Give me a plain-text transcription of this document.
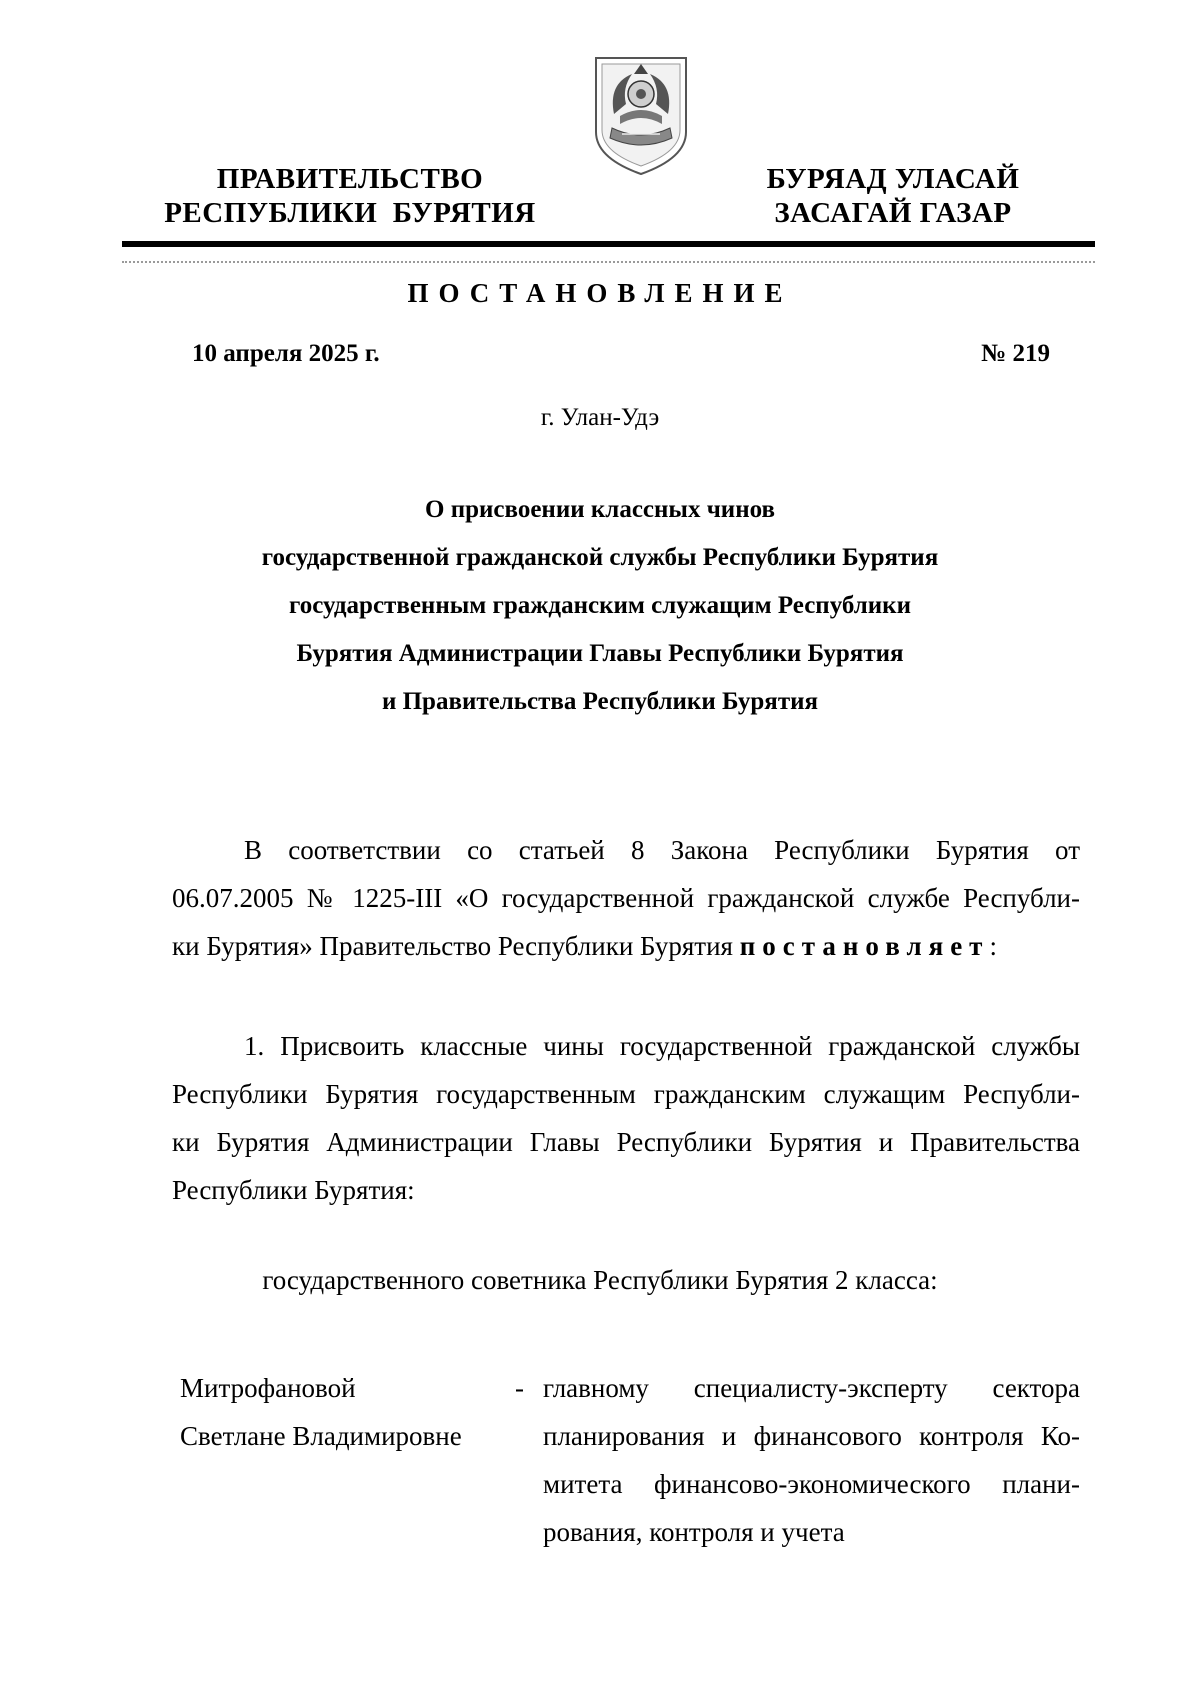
ПРАВИТЕЛЬСТВО
РЕСПУБЛИКИ  БУРЯТИЯ
БУРЯАД УЛАСАЙ
ЗАСАГАЙ ГАЗАР
ПОСТАНОВЛЕНИЕ
10 апреля 2025 г.	№ 219
г. Улан-Удэ
О присвоении классных чинов
государственной гражданской службы Республики Бурятия
государственным гражданским служащим Республики
Бурятия Администрации Главы Республики Бурятия
и Правительства Республики Бурятия
В соответствии со статьей 8 Закона Республики Бурятия от
06.07.2005 № 1225-III «О государственной гражданской службе Республи-
ки Бурятия» Правительство Республики Бурятия постановляет:
1. Присвоить классные чины государственной гражданской службы
Республики Бурятия государственным гражданским служащим Республи-
ки Бурятия Администрации Главы Республики Бурятия и Правительства
Республики Бурятия:
государственного советника Республики Бурятия 2 класса:
Митрофановой
Светлане Владимировне
- главному специалисту-эксперту сектора
планирования и финансового контроля Ко-
митета финансово-экономического плани-
рования, контроля и учета
